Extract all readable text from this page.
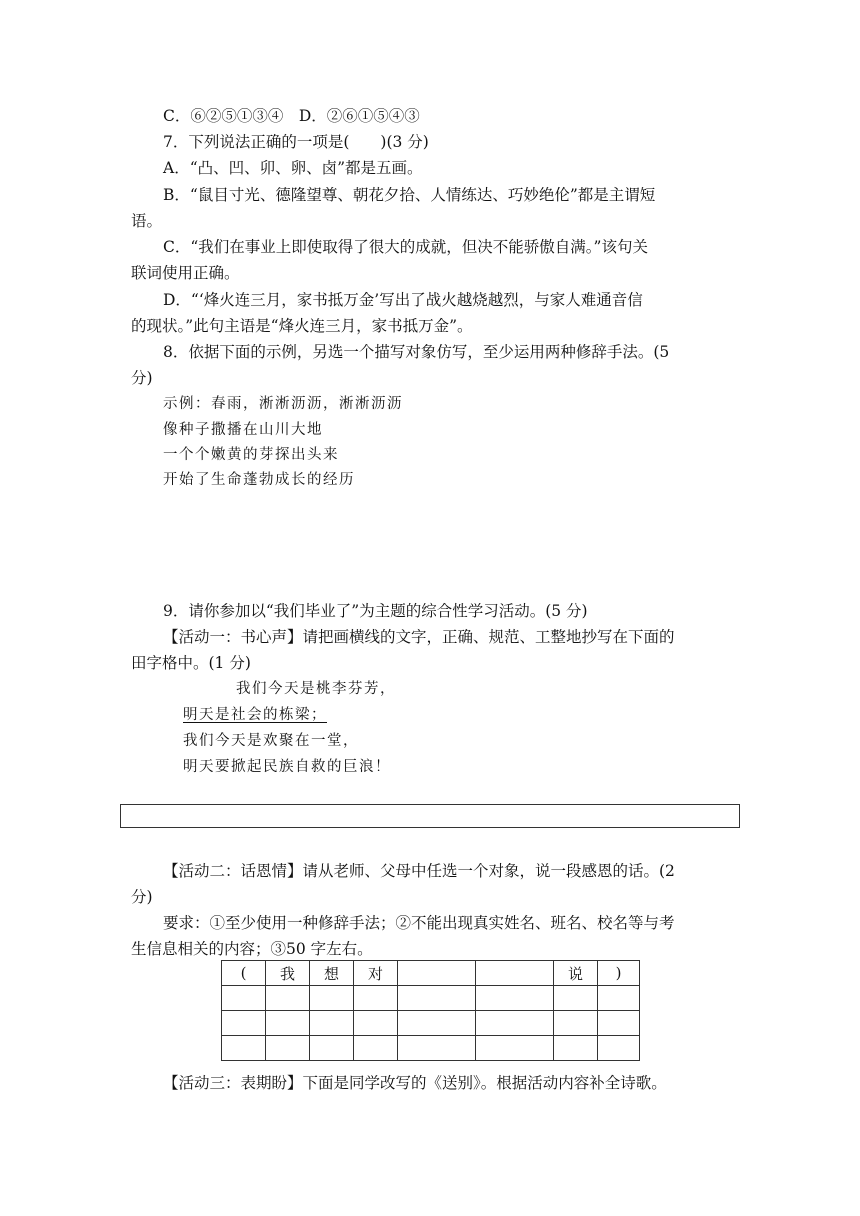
C．⑥②⑤①③④　D．②⑥①⑤④③
7．下列说法正确的一项是(　　)(3 分)
A．“凸、凹、卯、卵、卤”都是五画。
B．“鼠目寸光、德隆望尊、朝花夕拾、人情练达、巧妙绝伦”都是主谓短
语。
C．“我们在事业上即使取得了很大的成就，但决不能骄傲自满。”该句关
联词使用正确。
D．“‘烽火连三月，家书抵万金’写出了战火越烧越烈，与家人难通音信
的现状。”此句主语是“烽火连三月，家书抵万金”。
8．依据下面的示例，另选一个描写对象仿写，至少运用两种修辞手法。(5
分)
示例：春雨，淅淅沥沥，淅淅沥沥
像种子撒播在山川大地
一个个嫩黄的芽探出头来
开始了生命蓬勃成长的经历
9．请你参加以“我们毕业了”为主题的综合性学习活动。(5 分)
【活动一：书心声】请把画横线的文字，正确、规范、工整地抄写在下面的
田字格中。(1 分)
我们今天是桃李芬芳，
明天是社会的栋梁；
我们今天是欢聚在一堂，
明天要掀起民族自救的巨浪！
【活动二：话恩情】请从老师、父母中任选一个对象，说一段感恩的话。(2
分)
要求：①至少使用一种修辞手法；②不能出现真实姓名、班名、校名等与考
生信息相关的内容；③50 字左右。
(	我	想	对			说	)

【活动三：表期盼】下面是同学改写的《送别》。根据活动内容补全诗歌。
